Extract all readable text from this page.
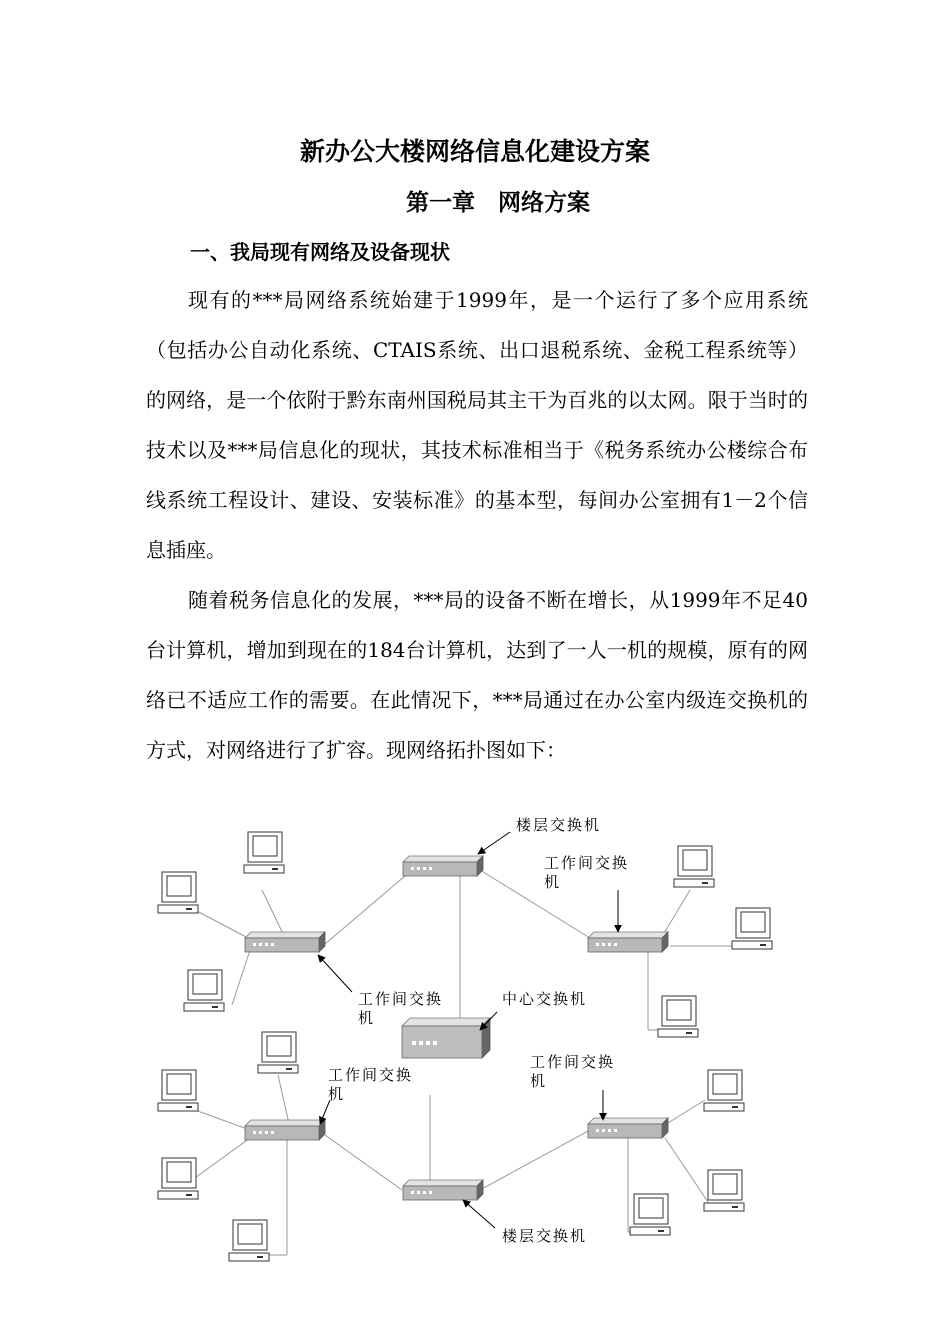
新办公大楼网络信息化建设方案
第一章　网络方案
一、我局现有网络及设备现状

现有的***局网络系统始建于1999年，是一个运行了多个应用系统（包括办公自动化系统、CTAIS系统、出口退税系统、金税工程系统等）的网络，是一个依附于黔东南州国税局其主干为百兆的以太网。限于当时的技术以及***局信息化的现状，其技术标准相当于《税务系统办公楼综合布线系统工程设计、建设、安装标准》的基本型，每间办公室拥有1－2个信息插座。

随着税务信息化的发展，***局的设备不断在增长，从1999年不足40台计算机，增加到现在的184台计算机，达到了一人一机的规模，原有的网络已不适应工作的需要。在此情况下，***局通过在办公室内级连交换机的方式，对网络进行了扩容。现网络拓扑图如下：

楼层交换机
工作间交换
机
工作间交换
机
中心交换机
工作间交换
机
工作间交换
机
楼层交换机
